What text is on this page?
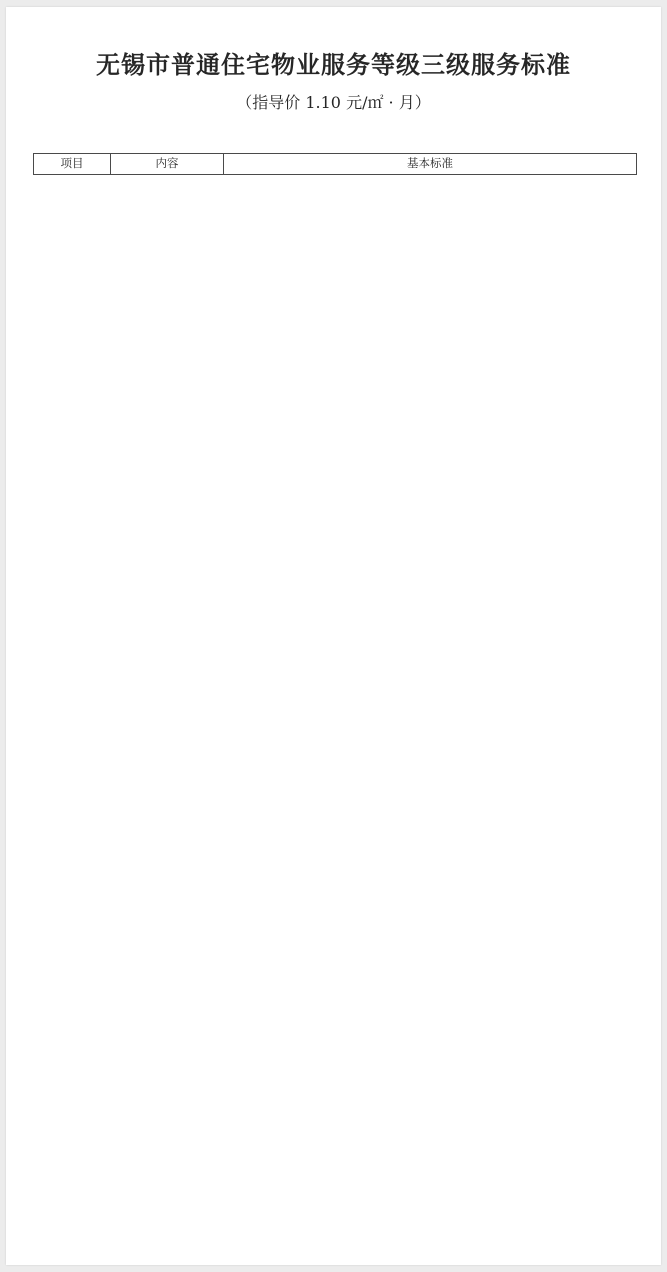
无锡市普通住宅物业服务等级三级服务标准
（指导价 1.10 元/㎡ · 月）
项目	内容	基本标准
